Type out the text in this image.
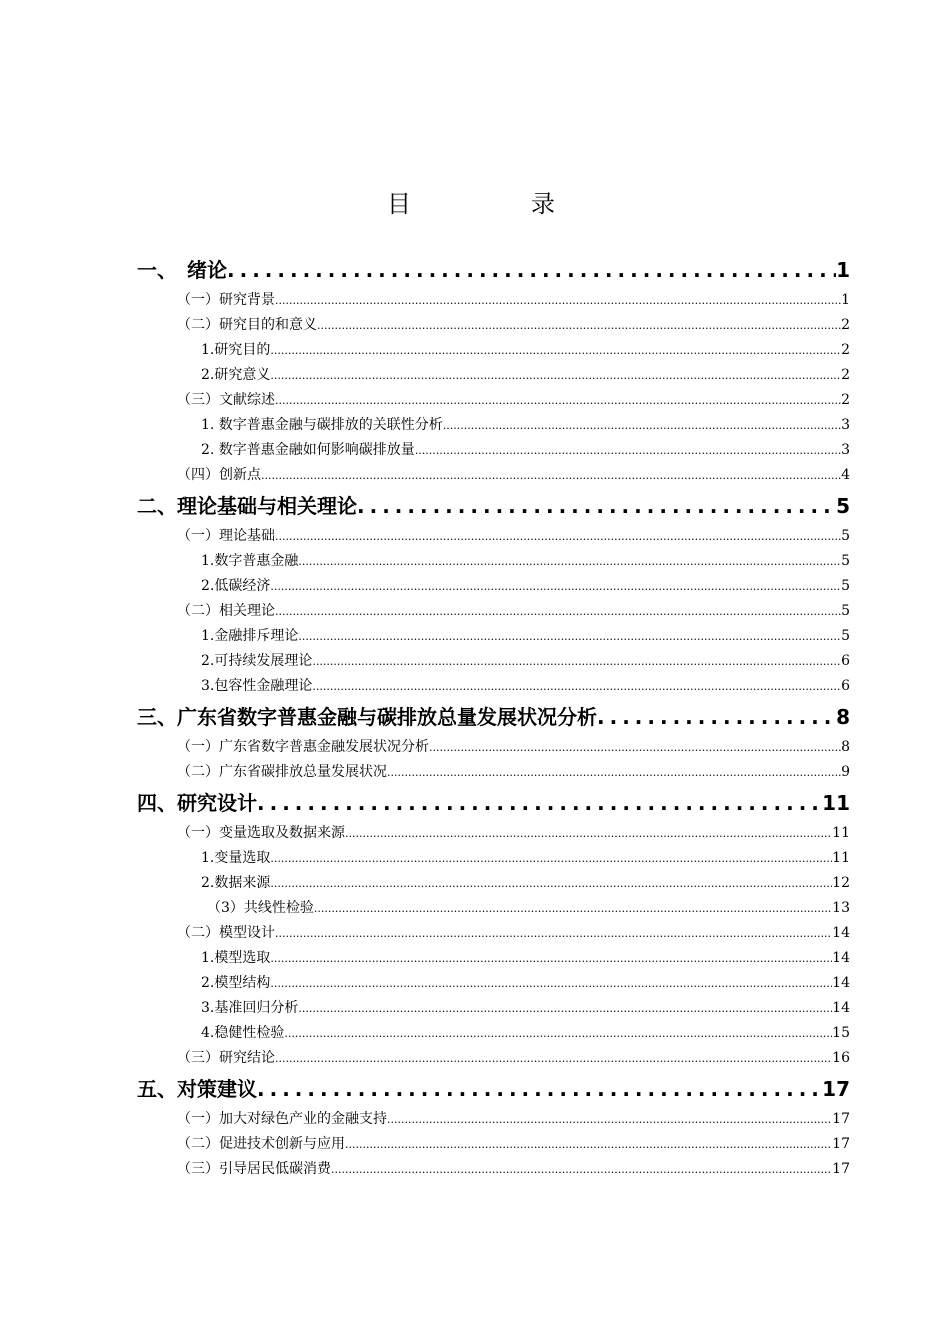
目　录
一、　绪论 .....	1
（一）研究背景 .....	1
（二）研究目的和意义 .....	2
1.研究目的 .....	2
2.研究意义 .....	2
（三）文献综述 .....	2
1. 数字普惠金融与碳排放的关联性分析 .....	3
2. 数字普惠金融如何影响碳排放量 .....	3
（四）创新点 .....	4
二、理论基础与相关理论 .....	5
（一）理论基础 .....	5
1.数字普惠金融 .....	5
2.低碳经济 .....	5
（二）相关理论 .....	5
1.金融排斥理论 .....	5
2.可持续发展理论 .....	6
3.包容性金融理论 .....	6
三、广东省数字普惠金融与碳排放总量发展状况分析 .....	8
（一）广东省数字普惠金融发展状况分析 .....	8
（二）广东省碳排放总量发展状况 .....	9
四、研究设计 .....	11
（一）变量选取及数据来源 .....	11
1.变量选取 .....	11
2.数据来源 .....	12
（3）共线性检验 .....	13
（二）模型设计 .....	14
1.模型选取 .....	14
2.模型结构 .....	14
3.基准回归分析 .....	14
4.稳健性检验 .....	15
（三）研究结论 .....	16
五、对策建议 .....	17
（一）加大对绿色产业的金融支持 .....	17
（二）促进技术创新与应用 .....	17
（三）引导居民低碳消费 .....	17
